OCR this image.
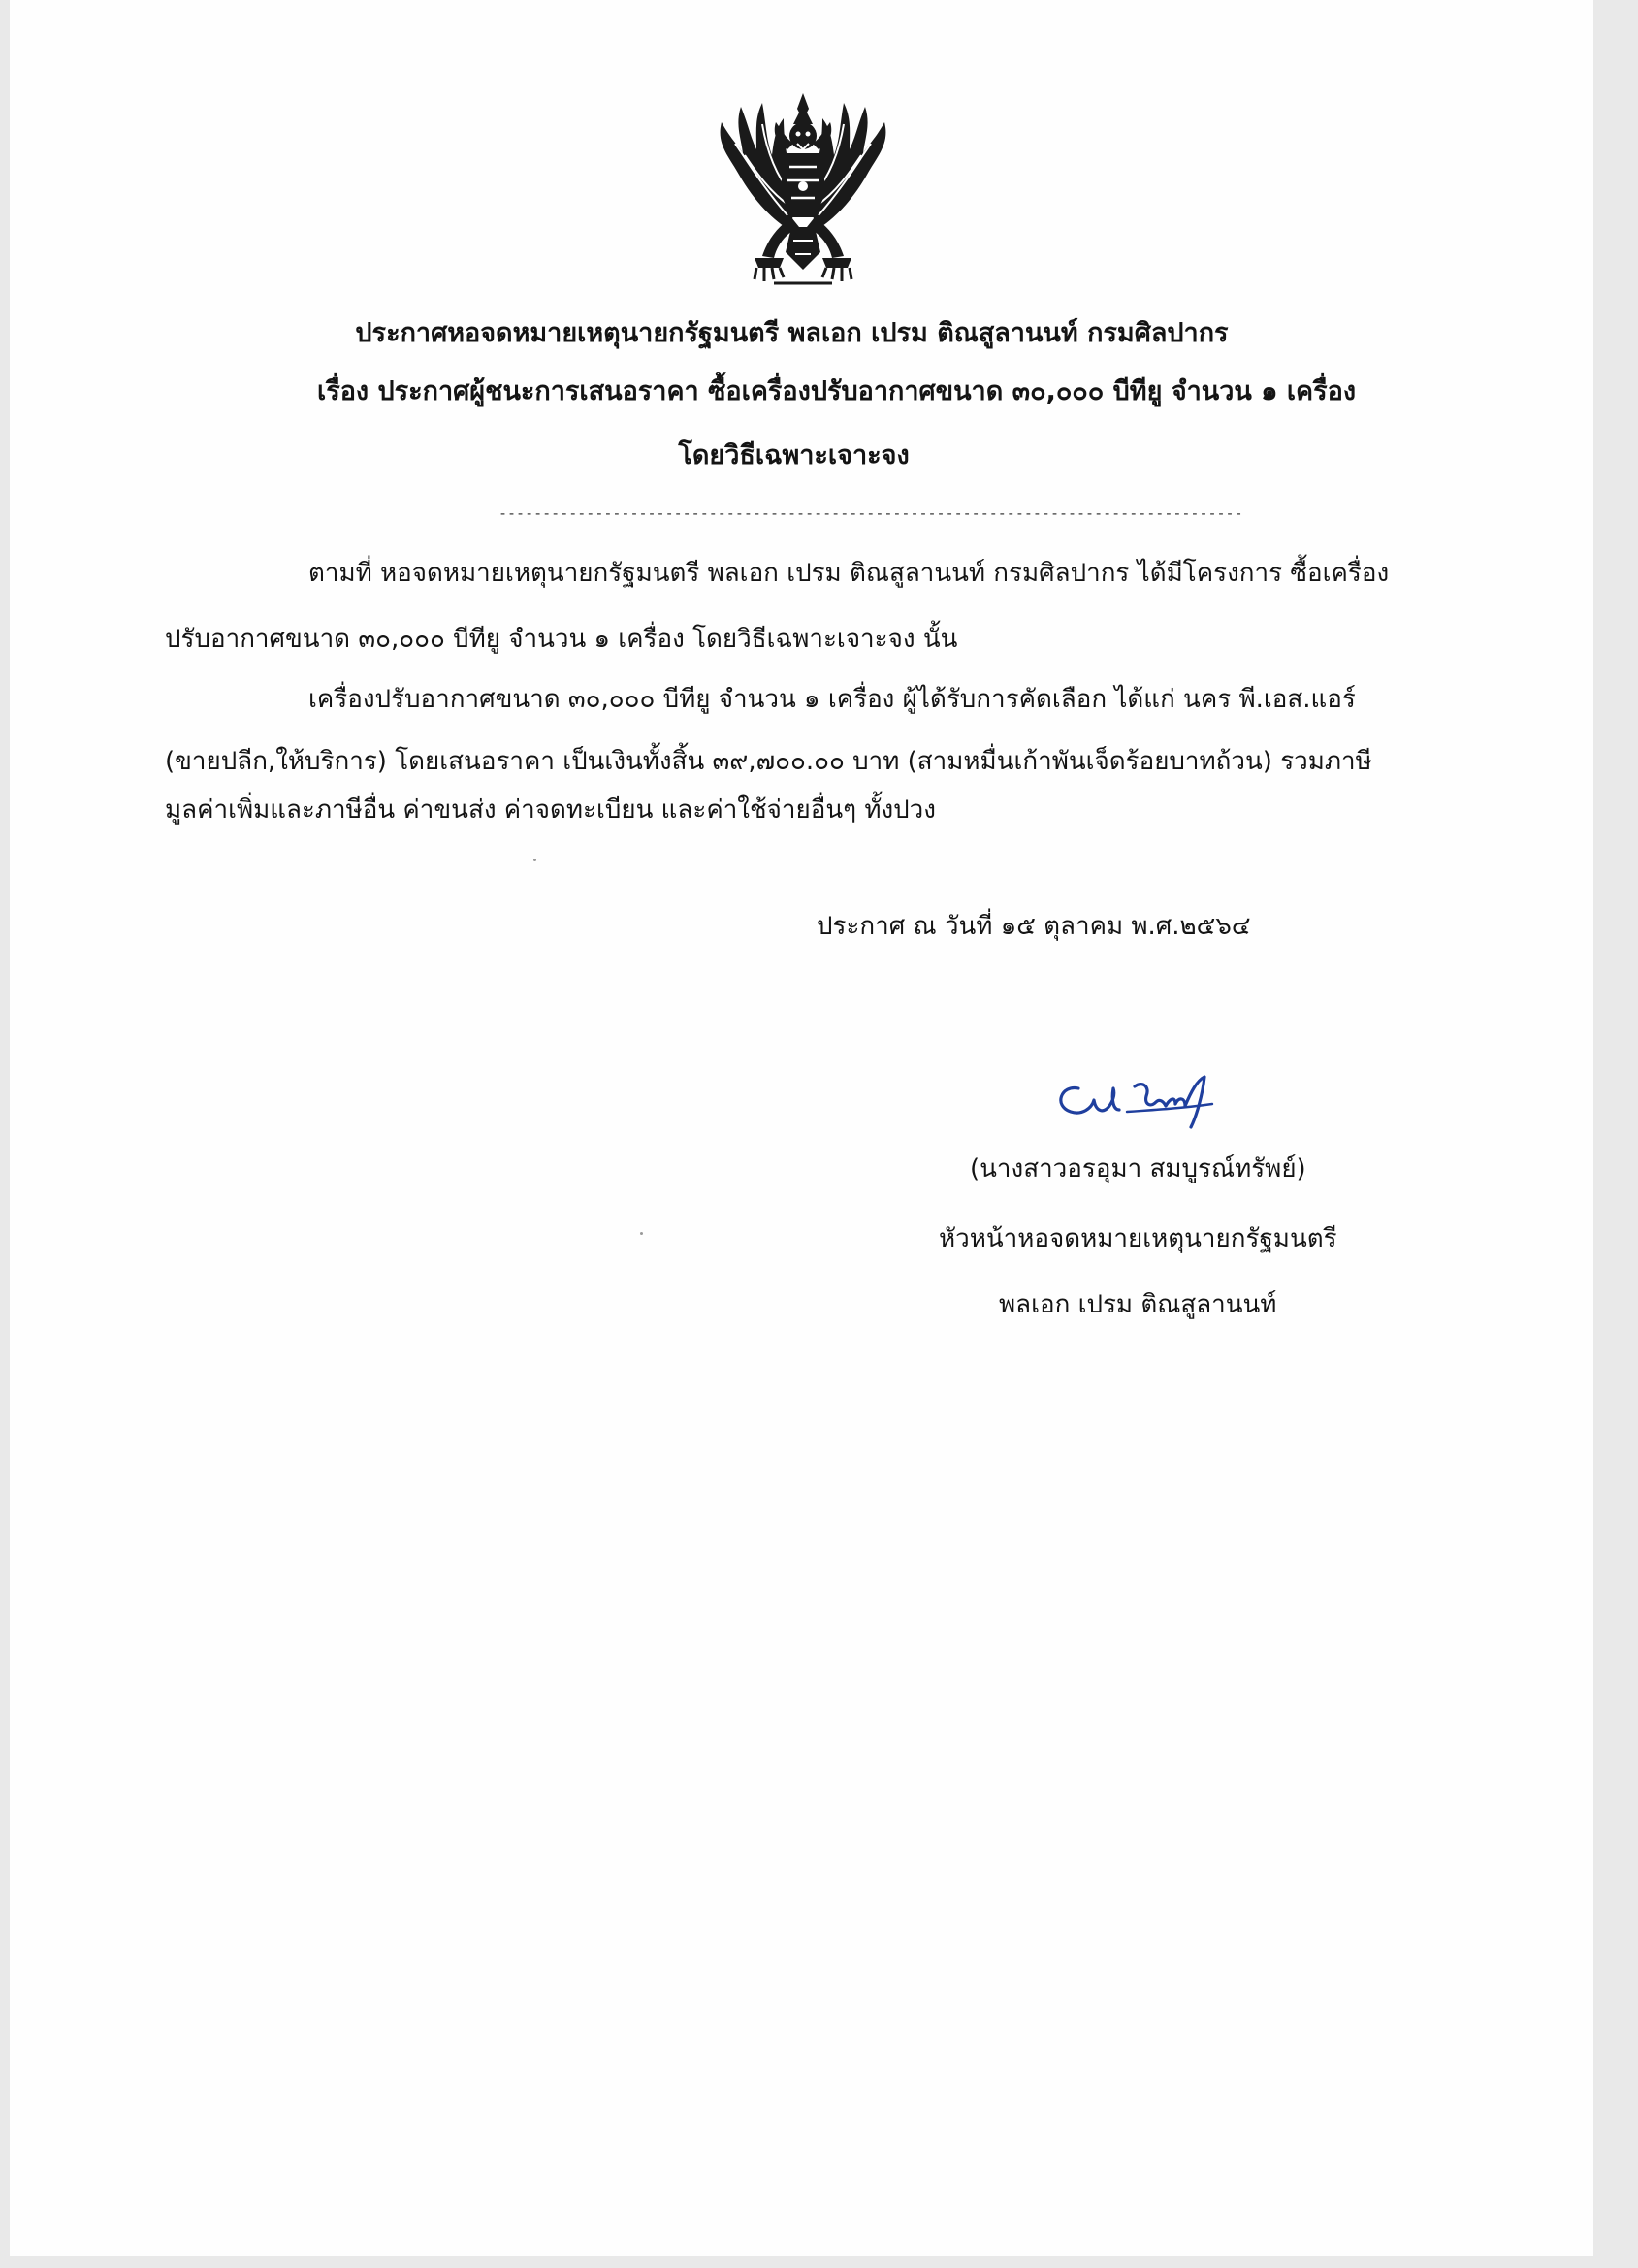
ประกาศหอจดหมายเหตุนายกรัฐมนตรี พลเอก เปรม ติณสูลานนท์ กรมศิลปากร
เรื่อง ประกาศผู้ชนะการเสนอราคา ซื้อเครื่องปรับอากาศขนาด ๓๐,๐๐๐ บีทียู จำนวน ๑ เครื่อง
โดยวิธีเฉพาะเจาะจง
-------------------------------------------------------------------------------------
ตามที่ หอจดหมายเหตุนายกรัฐมนตรี พลเอก เปรม ติณสูลานนท์ กรมศิลปากร ได้มีโครงการ ซื้อเครื่อง
ปรับอากาศขนาด ๓๐,๐๐๐ บีทียู จำนวน ๑ เครื่อง โดยวิธีเฉพาะเจาะจง นั้น
เครื่องปรับอากาศขนาด ๓๐,๐๐๐ บีทียู จำนวน ๑ เครื่อง ผู้ได้รับการคัดเลือก ได้แก่ นคร พี.เอส.แอร์
(ขายปลีก,ให้บริการ) โดยเสนอราคา เป็นเงินทั้งสิ้น ๓๙,๗๐๐.๐๐ บาท (สามหมื่นเก้าพันเจ็ดร้อยบาทถ้วน) รวมภาษี
มูลค่าเพิ่มและภาษีอื่น ค่าขนส่ง ค่าจดทะเบียน และค่าใช้จ่ายอื่นๆ ทั้งปวง
ประกาศ ณ วันที่ ๑๕ ตุลาคม พ.ศ.๒๕๖๔
(นางสาวอรอุมา สมบูรณ์ทรัพย์)
หัวหน้าหอจดหมายเหตุนายกรัฐมนตรี
พลเอก เปรม ติณสูลานนท์
